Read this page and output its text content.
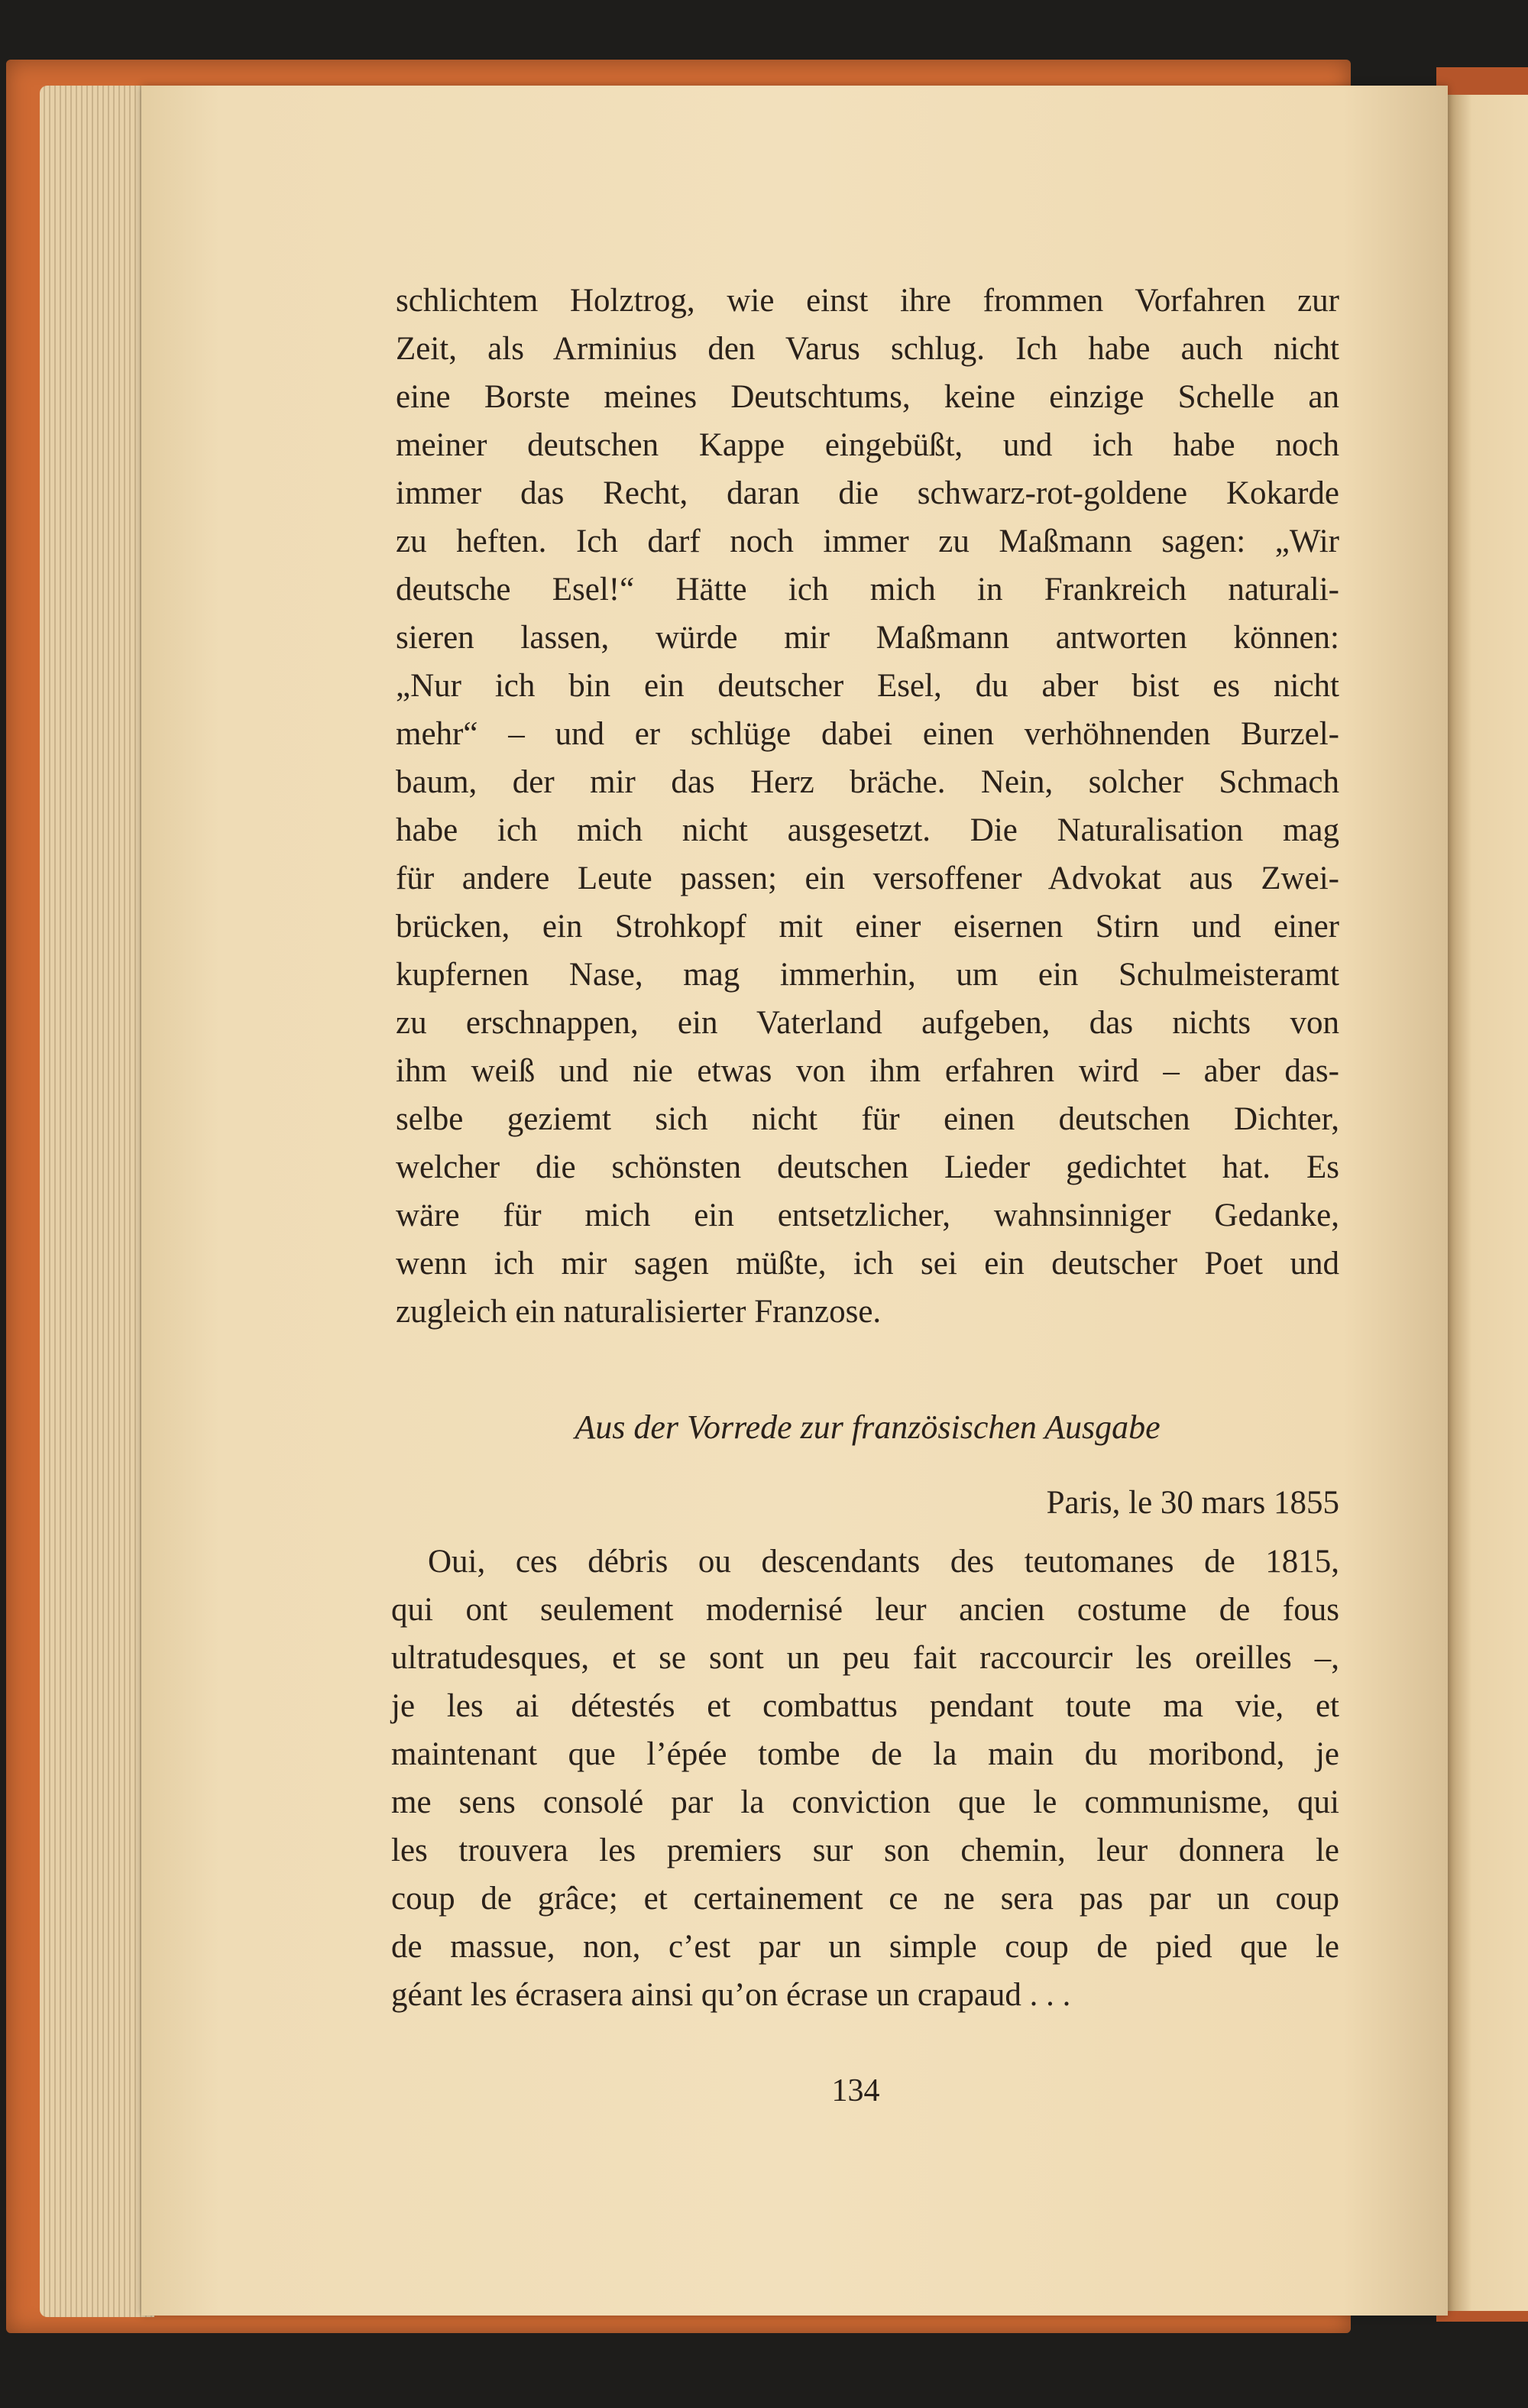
schlichtem Holztrog, wie einst ihre frommen Vorfahren zur
Zeit, als Arminius den Varus schlug. Ich habe auch nicht
eine Borste meines Deutschtums, keine einzige Schelle an
meiner deutschen Kappe eingebüßt, und ich habe noch
immer das Recht, daran die schwarz-rot-goldene Kokarde
zu heften. Ich darf noch immer zu Maßmann sagen: „Wir
deutsche Esel!“ Hätte ich mich in Frankreich naturali-
sieren lassen, würde mir Maßmann antworten können:
„Nur ich bin ein deutscher Esel, du aber bist es nicht
mehr“ – und er schlüge dabei einen verhöhnenden Burzel-
baum, der mir das Herz bräche. Nein, solcher Schmach
habe ich mich nicht ausgesetzt. Die Naturalisation mag
für andere Leute passen; ein versoffener Advokat aus Zwei-
brücken, ein Strohkopf mit einer eisernen Stirn und einer
kupfernen Nase, mag immerhin, um ein Schulmeisteramt
zu erschnappen, ein Vaterland aufgeben, das nichts von
ihm weiß und nie etwas von ihm erfahren wird – aber das-
selbe geziemt sich nicht für einen deutschen Dichter,
welcher die schönsten deutschen Lieder gedichtet hat. Es
wäre für mich ein entsetzlicher, wahnsinniger Gedanke,
wenn ich mir sagen müßte, ich sei ein deutscher Poet und
zugleich ein naturalisierter Franzose.
Aus der Vorrede zur französischen Ausgabe
Paris, le 30 mars 1855
Oui, ces débris ou descendants des teutomanes de 1815,
qui ont seulement modernisé leur ancien costume de fous
ultratudesques, et se sont un peu fait raccourcir les oreilles –,
je les ai détestés et combattus pendant toute ma vie, et
maintenant que l’épée tombe de la main du moribond, je
me sens consolé par la conviction que le communisme, qui
les trouvera les premiers sur son chemin, leur donnera le
coup de grâce; et certainement ce ne sera pas par un coup
de massue, non, c’est par un simple coup de pied que le
géant les écrasera ainsi qu’on écrase un crapaud . . .
134
